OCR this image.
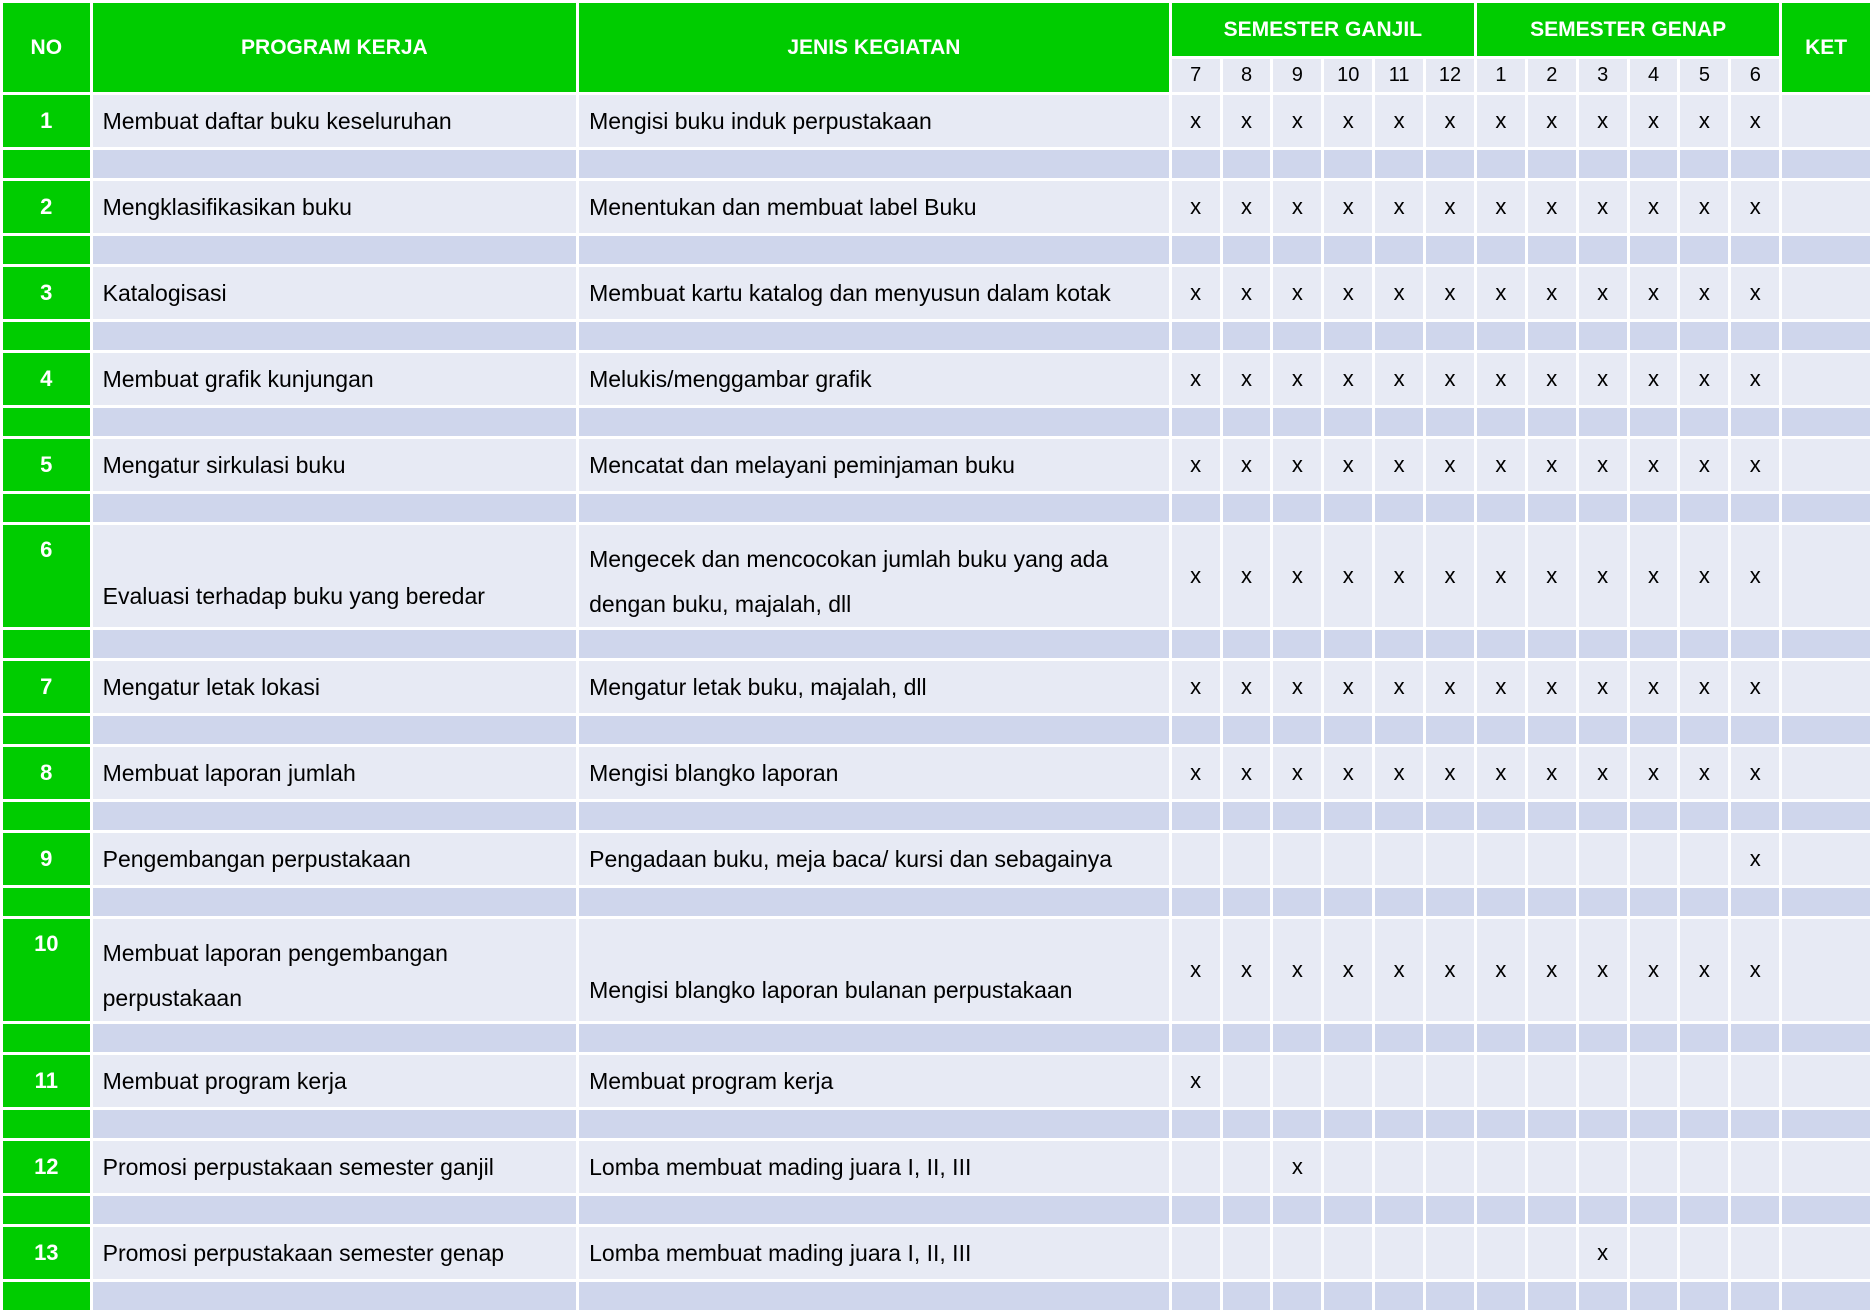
NO	PROGRAM KERJA	JENIS KEGIATAN	SEMESTER GANJIL						SEMESTER GENAP						KET
			7	8	9	10	11	12	1	2	3	4	5	6	
1	Membuat daftar buku keseluruhan	Mengisi buku induk perpustakaan	x	x	x	x	x	x	x	x	x	x	x	x	

2	Mengklasifikasikan buku	Menentukan dan membuat label Buku	x	x	x	x	x	x	x	x	x	x	x	x	

3	Katalogisasi	Membuat kartu katalog dan menyusun dalam kotak	x	x	x	x	x	x	x	x	x	x	x	x	

4	Membuat grafik kunjungan	Melukis/menggambar grafik	x	x	x	x	x	x	x	x	x	x	x	x	

5	Mengatur sirkulasi buku	Mencatat dan melayani peminjaman buku	x	x	x	x	x	x	x	x	x	x	x	x	

6	Evaluasi terhadap buku yang beredar	Mengecek dan mencocokan jumlah buku yang ada
dengan buku, majalah, dll	x	x	x	x	x	x	x	x	x	x	x	x	

7	Mengatur letak lokasi	Mengatur letak buku, majalah, dll	x	x	x	x	x	x	x	x	x	x	x	x	

8	Membuat laporan jumlah	Mengisi blangko laporan	x	x	x	x	x	x	x	x	x	x	x	x	

9	Pengembangan perpustakaan	Pengadaan buku, meja baca/ kursi dan sebagainya												x	

10	Membuat laporan pengembangan
perpustakaan	Mengisi blangko laporan bulanan perpustakaan	x	x	x	x	x	x	x	x	x	x	x	x	

11	Membuat program kerja	Membuat program kerja	x												

12	Promosi perpustakaan semester ganjil	Lomba membuat mading juara I, II, III			x										

13	Promosi perpustakaan semester genap	Lomba membuat mading juara I, II, III									x				
